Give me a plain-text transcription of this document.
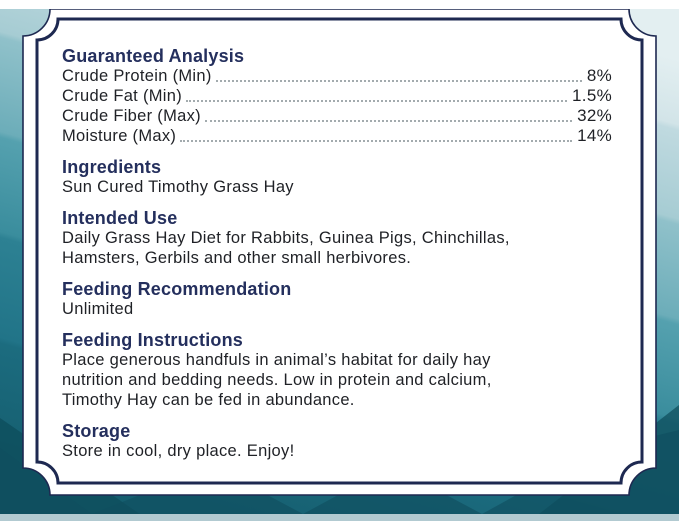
Guaranteed Analysis
Crude Protein (Min)	8%
Crude Fat (Min)	1.5%
Crude Fiber (Max)	32%
Moisture (Max)	14%
Ingredients

Sun Cured Timothy Grass Hay

Intended Use

Daily Grass Hay Diet for Rabbits, Guinea Pigs, Chinchillas,

Hamsters, Gerbils and other small herbivores.

Feeding Recommendation

Unlimited

Feeding Instructions

Place generous handfuls in animal’s habitat for daily hay

nutrition and bedding needs. Low in protein and calcium,

Timothy Hay can be fed in abundance.

Storage

Store in cool, dry place. Enjoy!
